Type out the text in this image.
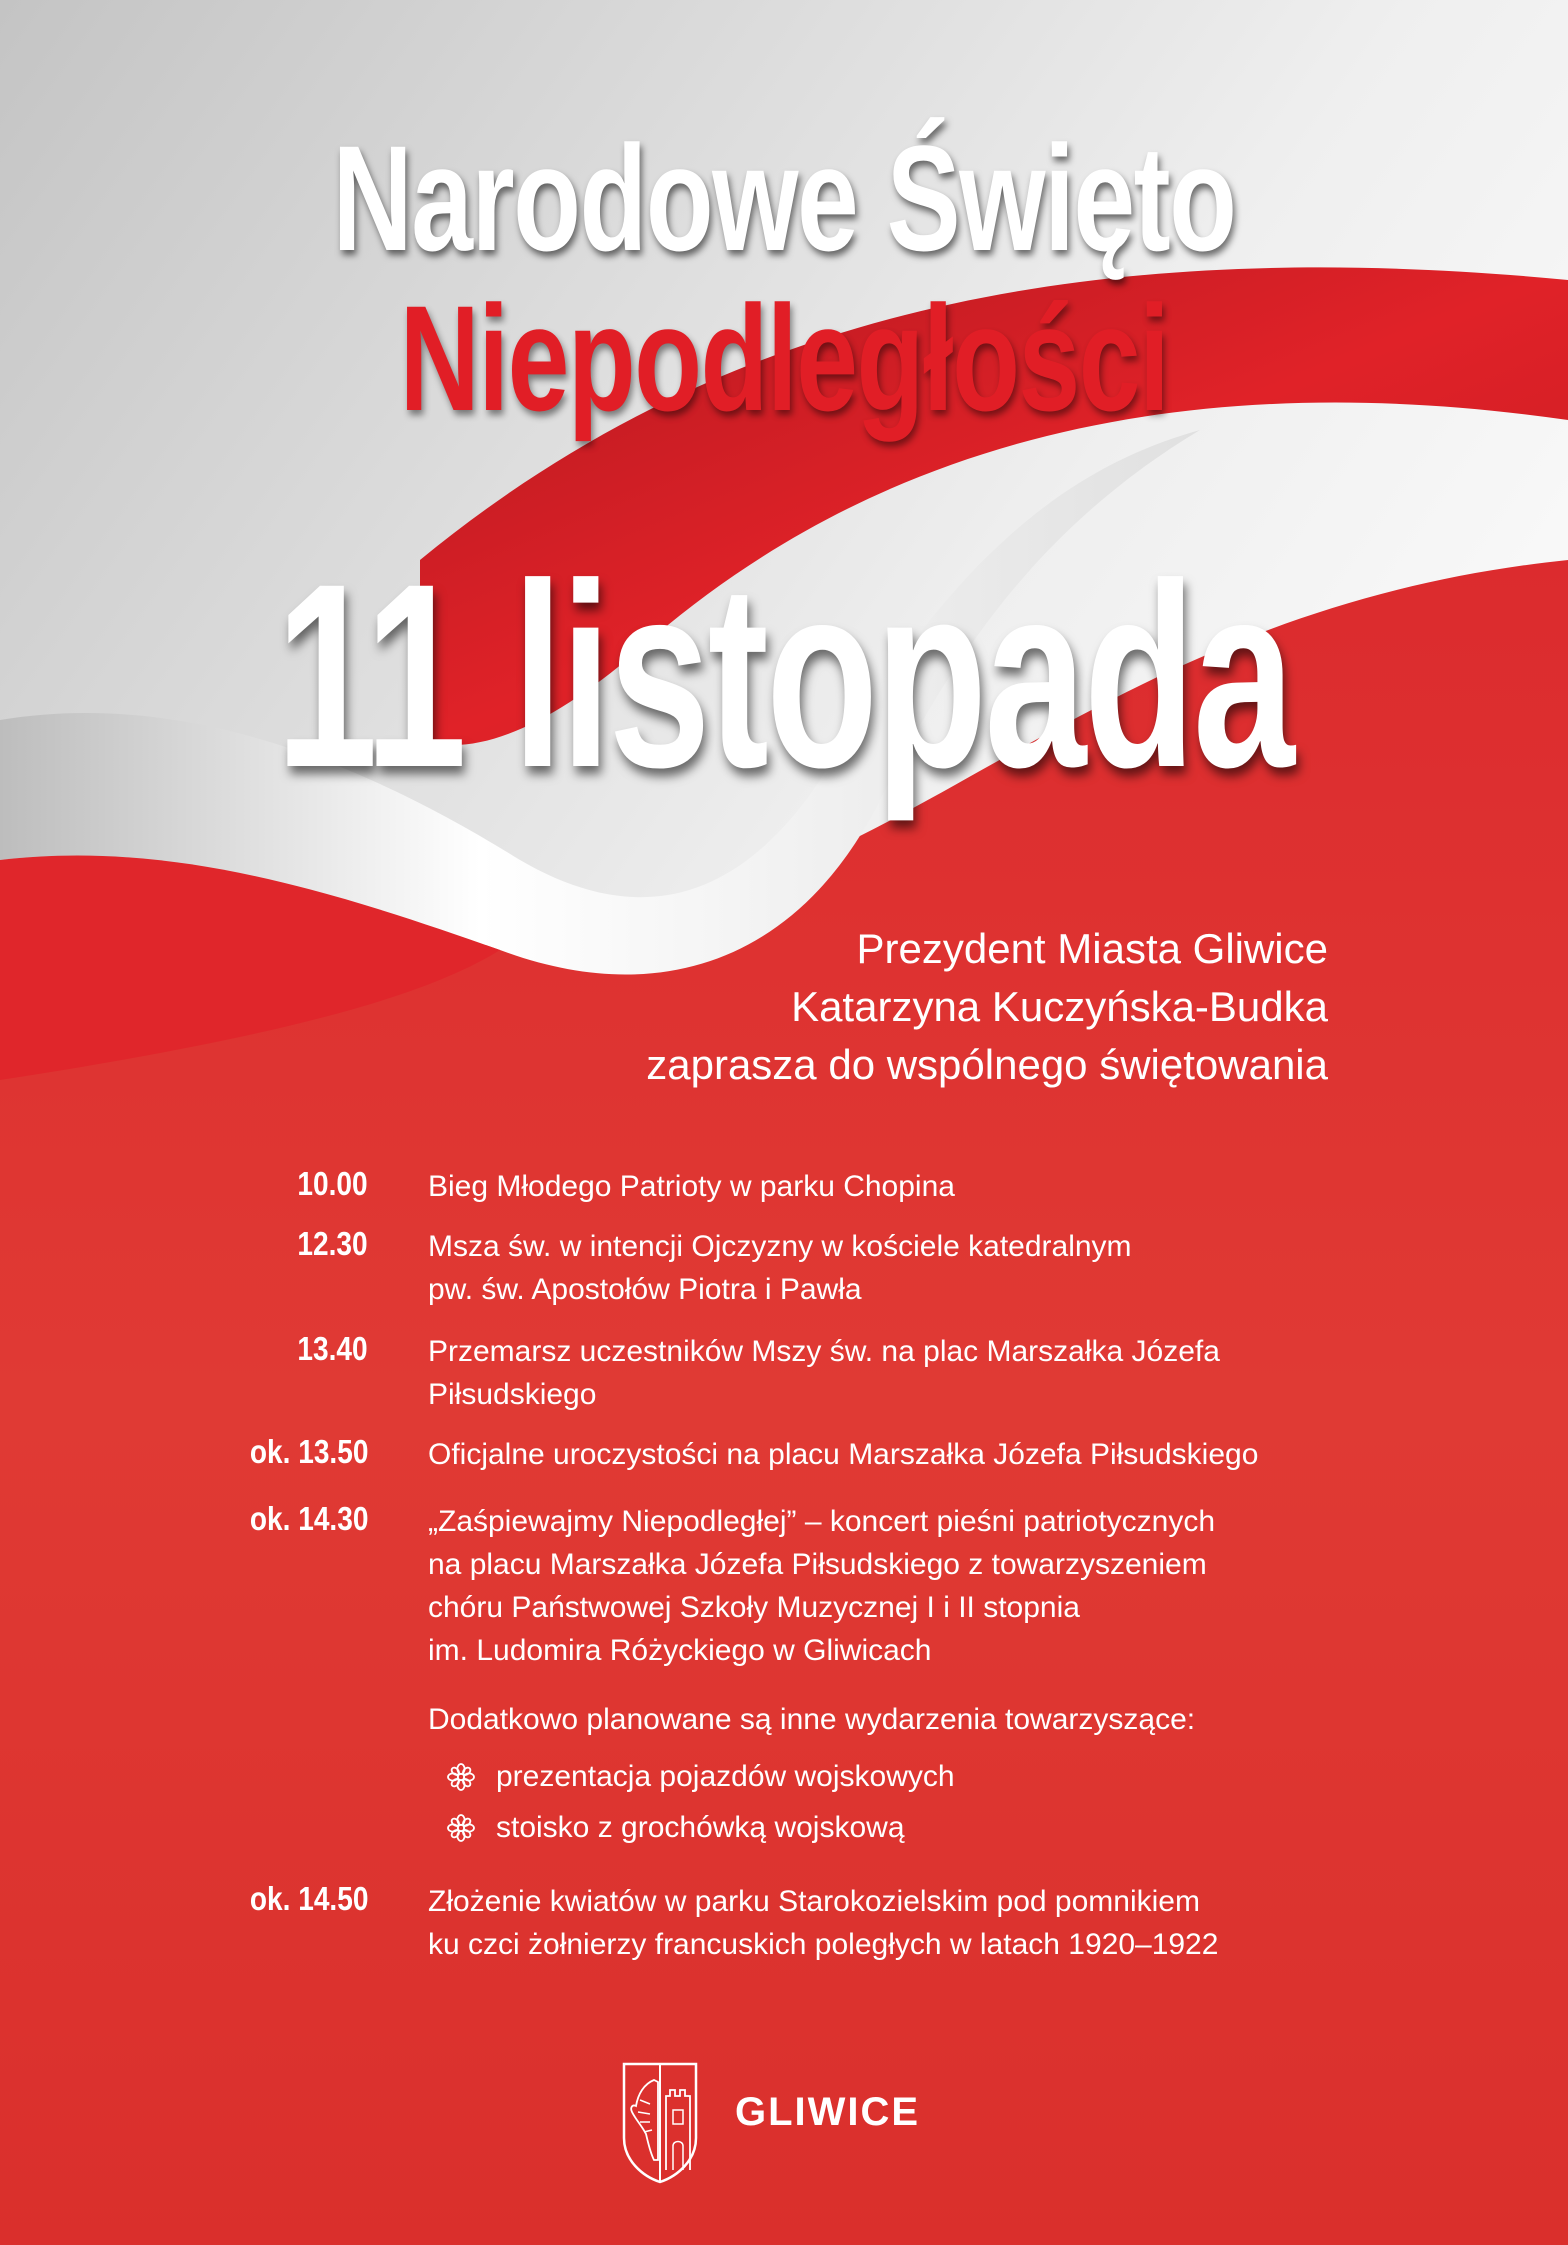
Narodowe Święto
Niepodległości
11 listopada
Prezydent Miasta Gliwice
Katarzyna Kuczyńska-Budka
zaprasza do wspólnego świętowania
10.00 Bieg Młodego Patrioty w parku Chopina
12.30 Msza św. w intencji Ojczyzny w kościele katedralnym
pw. św. Apostołów Piotra i Pawła
13.40 Przemarsz uczestników Mszy św. na plac Marszałka Józefa
Piłsudskiego
ok. 13.50 Oficjalne uroczystości na placu Marszałka Józefa Piłsudskiego
ok. 14.30 „Zaśpiewajmy Niepodległej” – koncert pieśni patriotycznych
na placu Marszałka Józefa Piłsudskiego z towarzyszeniem
chóru Państwowej Szkoły Muzycznej I i II stopnia
im. Ludomira Różyckiego w Gliwicach
Dodatkowo planowane są inne wydarzenia towarzyszące:
prezentacja pojazdów wojskowych
stoisko z grochówką wojskową
ok. 14.50 Złożenie kwiatów w parku Starokozielskim pod pomnikiem
ku czci żołnierzy francuskich poległych w latach 1920–1922
GLIWICE
